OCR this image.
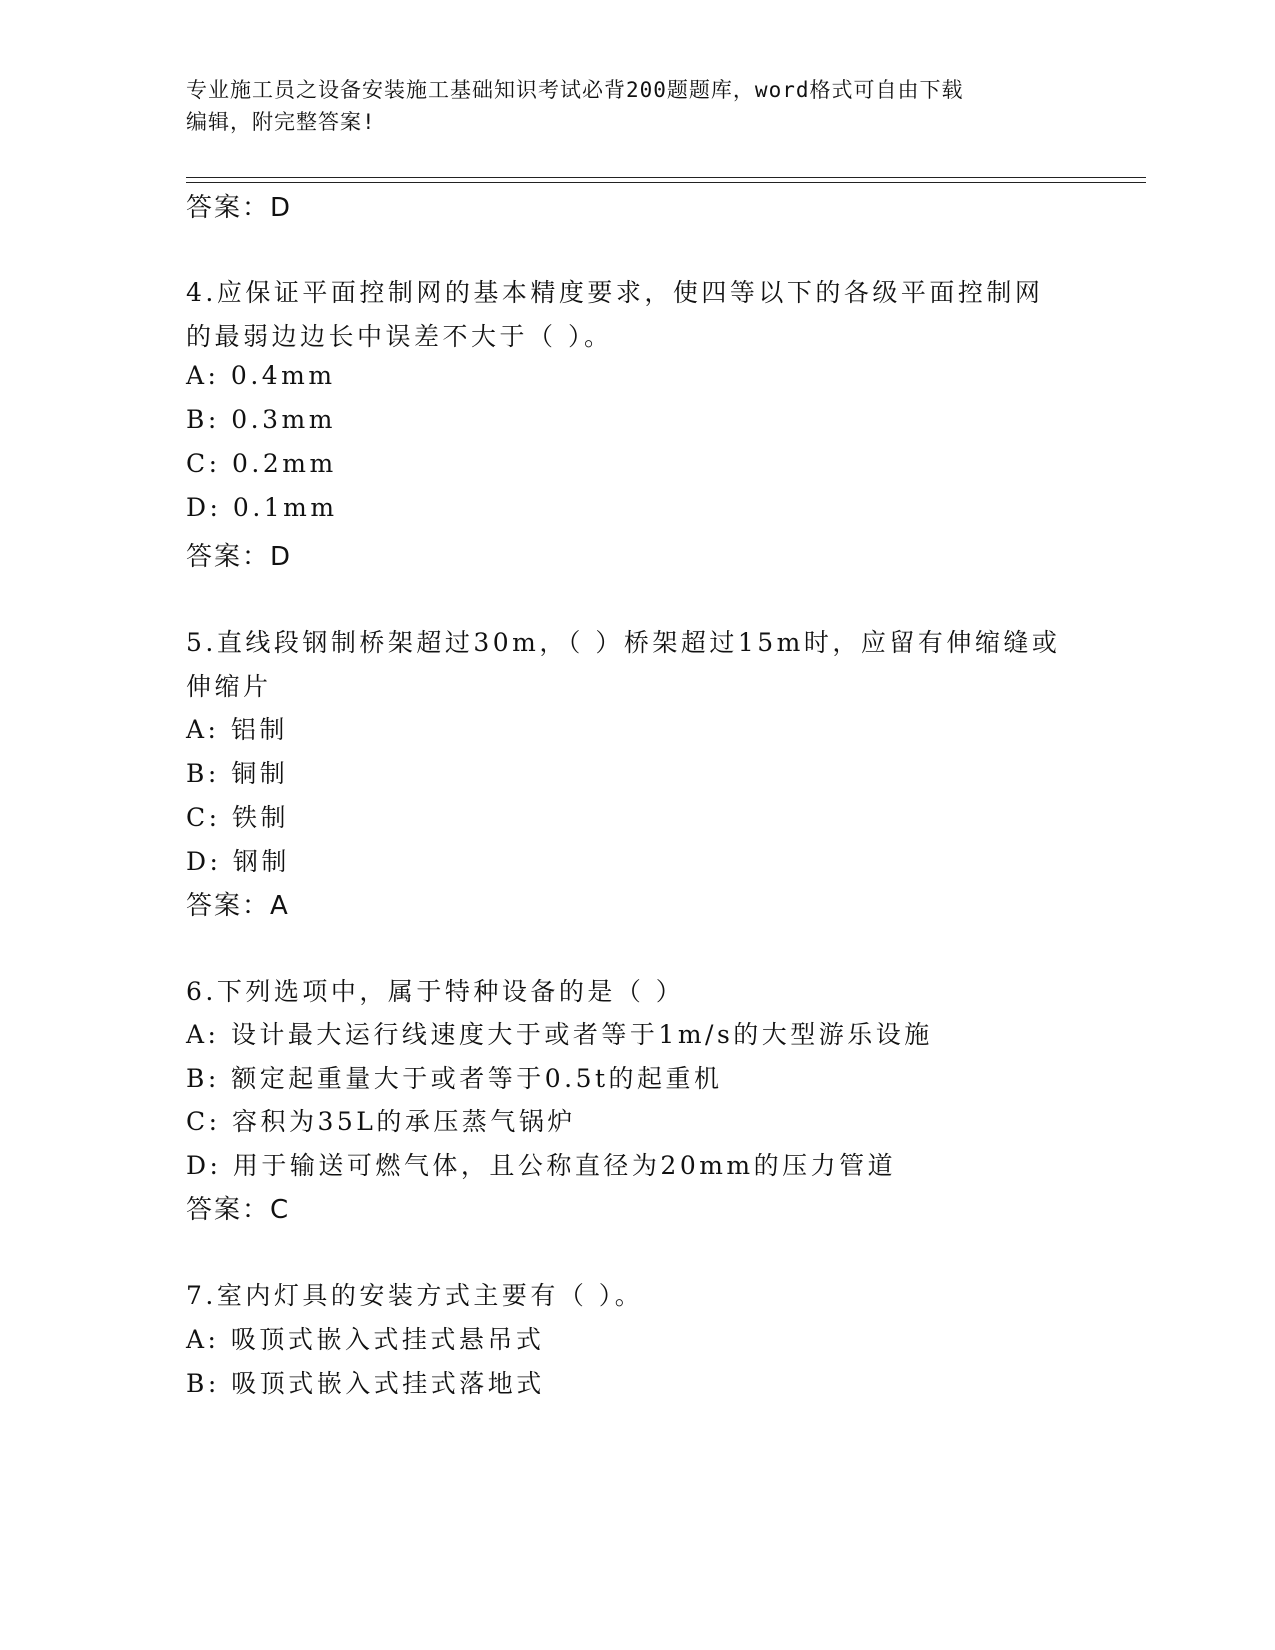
专业施工员之设备安装施工基础知识考试必背200题题库，word格式可自由下载
编辑，附完整答案!
答案：D
4.应保证平面控制网的基本精度要求，使四等以下的各级平面控制网
的最弱边边长中误差不大于（ ）。
A: 0.4mm
B: 0.3mm
C: 0.2mm
D: 0.1mm
答案：D
5.直线段钢制桥架超过30m，（ ）桥架超过15m时，应留有伸缩缝或
伸缩片
A: 铝制
B: 铜制
C: 铁制
D: 钢制
答案：A
6.下列选项中，属于特种设备的是（ ）
A: 设计最大运行线速度大于或者等于1m/s的大型游乐设施
B: 额定起重量大于或者等于0.5t的起重机
C: 容积为35L的承压蒸气锅炉
D: 用于输送可燃气体，且公称直径为20mm的压力管道
答案：C
7.室内灯具的安装方式主要有（ ）。
A: 吸顶式嵌入式挂式悬吊式
B: 吸顶式嵌入式挂式落地式
